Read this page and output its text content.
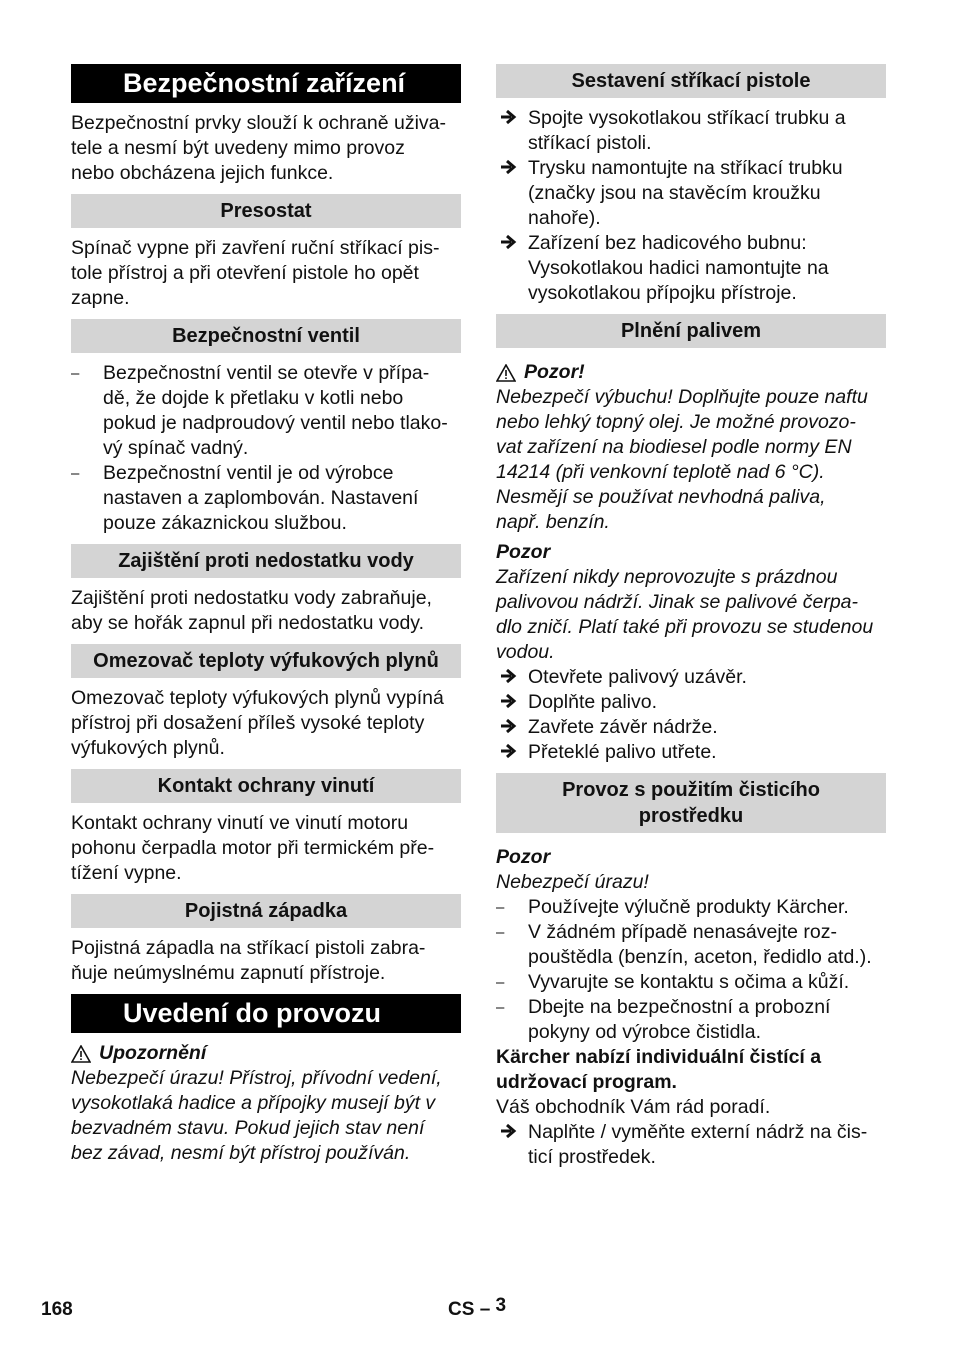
Bezpečnostní zařízení

Bezpečnostní prvky slouží k ochraně uživa-
tele a nesmí být uvedeny mimo provoz
nebo obcházena jejich funkce.

Presostat

Spínač vypne při zavření ruční stříkací pis-
tole přístroj a při otevření pistole ho opět
zapne.

Bezpečnostní ventil
–	Bezpečnostní ventil se otevře v přípa-
dě, že dojde k přetlaku v kotli nebo
pokud je nadproudový ventil nebo tlako-
vý spínač vadný.
–	Bezpečnostní ventil je od výrobce
nastaven a zaplombován. Nastavení
pouze zákaznickou službou.
Zajištění proti nedostatku vody

Zajištění proti nedostatku vody zabraňuje,
aby se hořák zapnul při nedostatku vody.

Omezovač teploty výfukových plynů

Omezovač teploty výfukových plynů vypíná
přístroj při dosažení příleš vysoké teploty
výfukových plynů.

Kontakt ochrany vinutí

Kontakt ochrany vinutí ve vinutí motoru
pohonu čerpadla motor při termickém pře-
tížení vypne.

Pojistná západka

Pojistná západla na stříkací pistoli zabra-
ňuje neúmyslnému zapnutí přístroje.

Uvedení do provozu
Upozornění

Nebezpečí úrazu! Přístroj, přívodní vedení,
vysokotlaká hadice a přípojky musejí být v
bezvadném stavu. Pokud jejich stav není
bez závad, nesmí být přístroj používán.

Sestavení stříkací pistole
Spojte vysokotlakou stříkací trubku a
stříkací pistoli.
Trysku namontujte na stříkací trubku
(značky jsou na stavěcím kroužku
nahoře).
Zařízení bez hadicového bubnu:
Vysokotlakou hadici namontujte na
vysokotlakou přípojku přístroje.
Plnění palivem
Pozor!

Nebezpečí výbuchu! Doplňujte pouze naftu
nebo lehký topný olej. Je možné provozo-
vat zařízení na biodiesel podle normy EN
14214 (při venkovní teplotě nad 6 °C).
Nesmějí se používat nevhodná paliva,
např. benzín.

Pozor

Zařízení nikdy neprovozujte s prázdnou
palivovou nádrží. Jinak se palivové čerpa-
dlo zničí. Platí také při provozu se studenou
vodou.

Otevřete palivový uzávěr.
Doplňte palivo.
Zavřete závěr nádrže.
Přeteklé palivo utřete.
Provoz s použitím čisticího
prostředku

Pozor

Nebezpečí úrazu!

–	Používejte výlučně produkty Kärcher.
–	V žádném případě nenasávejte roz-
pouštědla (benzín, aceton, ředidlo atd.).
–	Vyvarujte se kontaktu s očima a kůží.
–	Dbejte na bezpečnostní a probozní
pokyny od výrobce čistidla.

Kärcher nabízí individuální čistící a
udržovací program.

Váš obchodník Vám rád poradí.

Naplňte / vyměňte externí nádrž na čis-
ticí prostředek.
168	CS – 3
